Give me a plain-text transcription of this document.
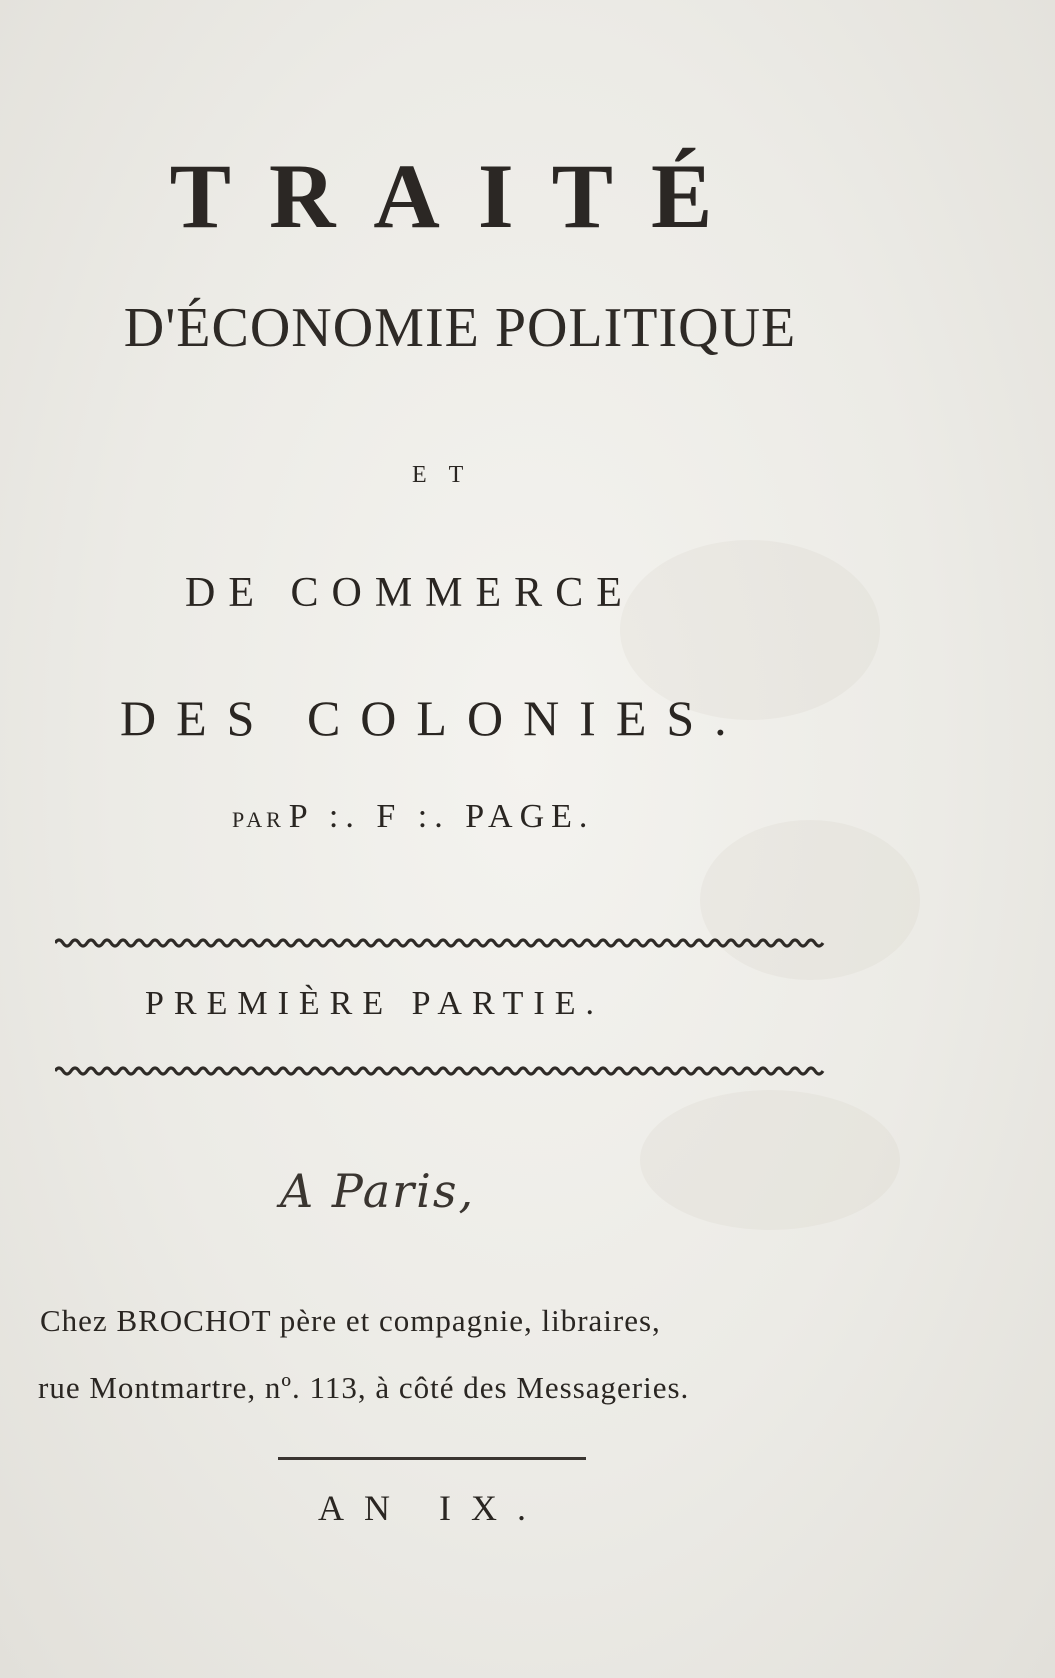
TRAITÉ
D'ÉCONOMIE POLITIQUE
ET
DE COMMERCE
DES COLONIES.
PAR P :. F :. PAGE.
PREMIÈRE PARTIE.
A Paris,
Chez BROCHOT père et compagnie, libraires,
rue Montmartre, nº. 113, à côté des Messageries.
AN IX.
